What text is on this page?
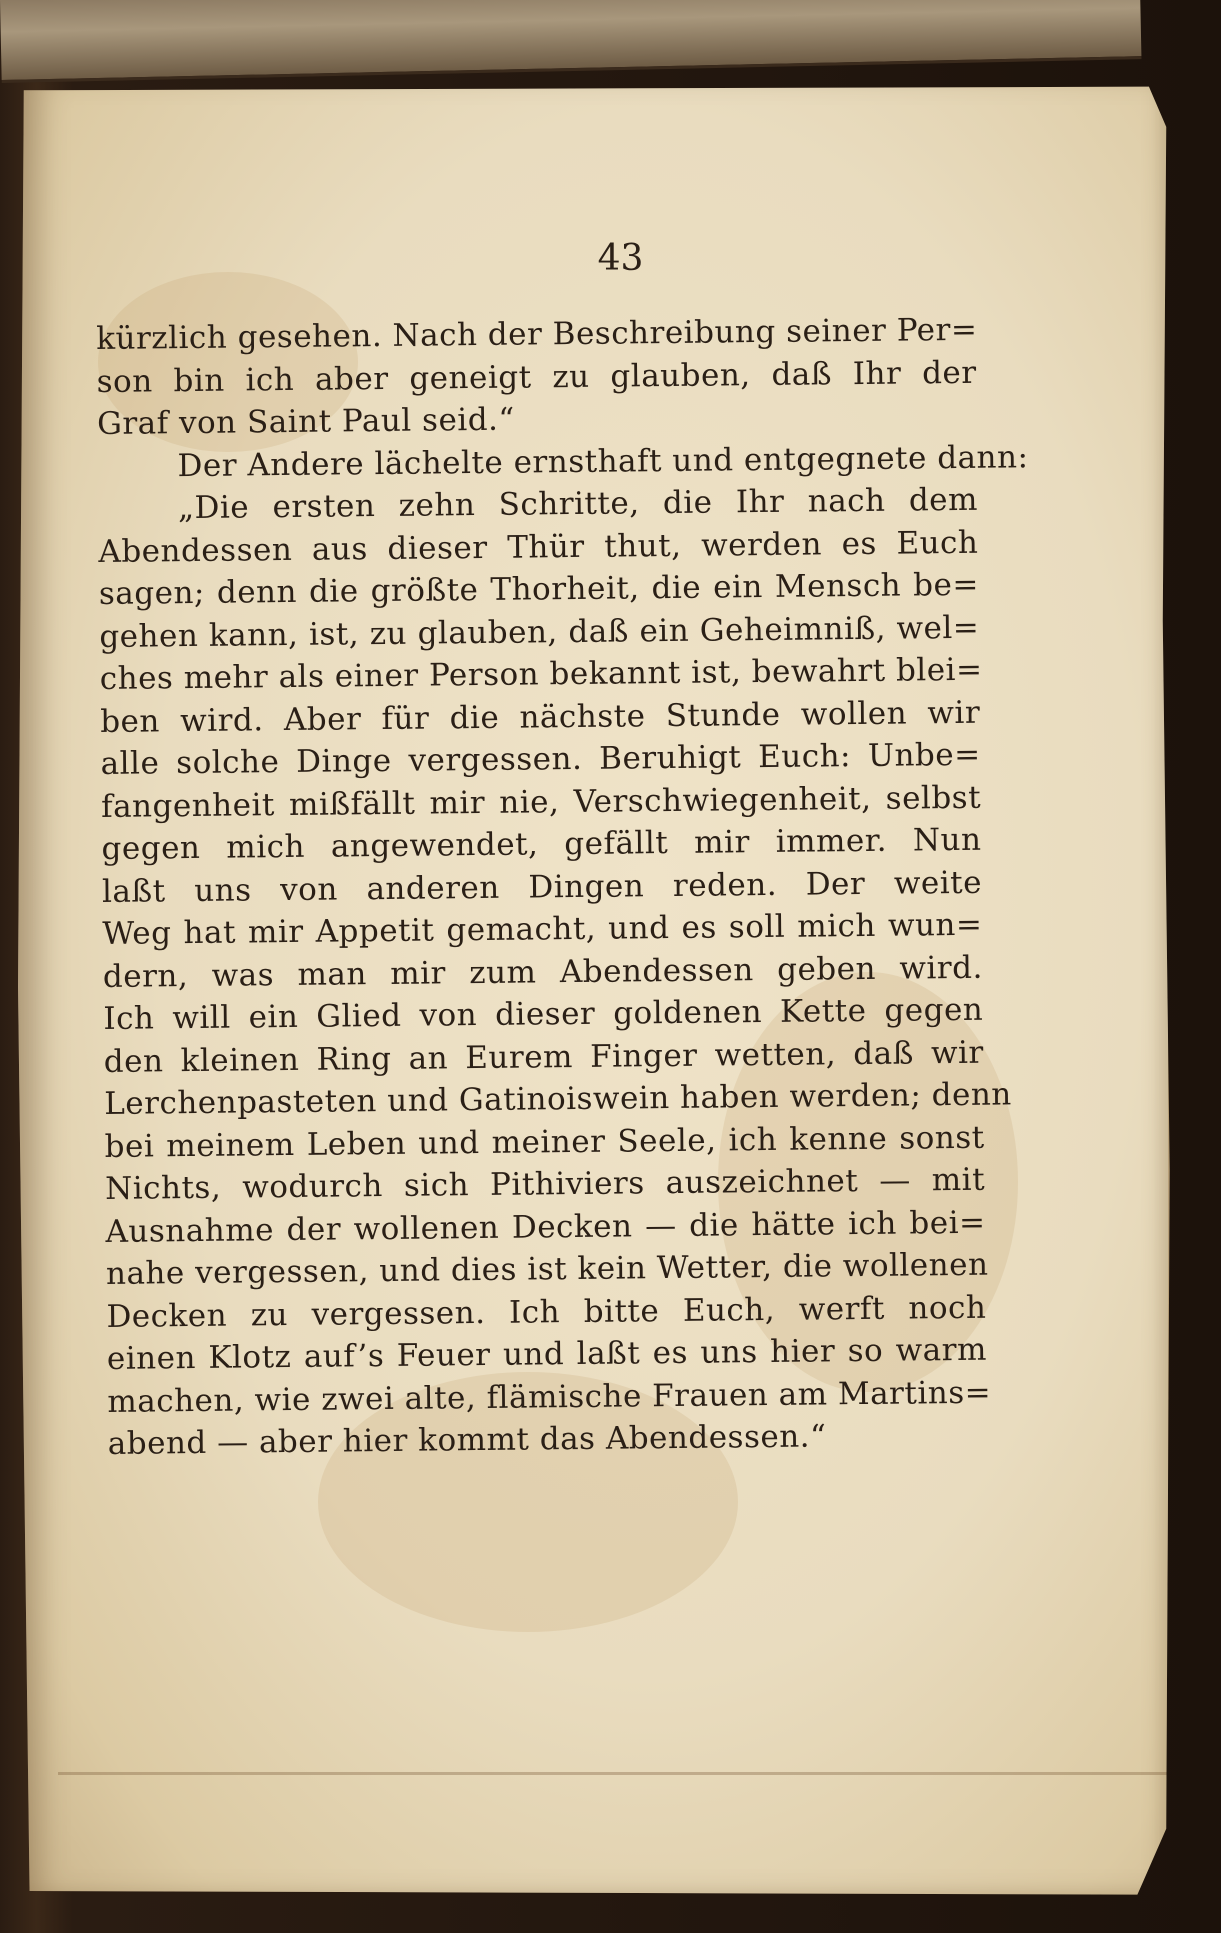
43
kürzlich gesehen. Nach der Beschreibung seiner Per=
son bin ich aber geneigt zu glauben, daß Ihr der
Graf von Saint Paul seid.“
Der Andere lächelte ernsthaft und entgegnete dann:
„Die ersten zehn Schritte, die Ihr nach dem
Abendessen aus dieser Thür thut, werden es Euch
sagen; denn die größte Thorheit, die ein Mensch be=
gehen kann, ist, zu glauben, daß ein Geheimniß, wel=
ches mehr als einer Person bekannt ist, bewahrt blei=
ben wird. Aber für die nächste Stunde wollen wir
alle solche Dinge vergessen. Beruhigt Euch: Unbe=
fangenheit mißfällt mir nie, Verschwiegenheit, selbst
gegen mich angewendet, gefällt mir immer. Nun
laßt uns von anderen Dingen reden. Der weite
Weg hat mir Appetit gemacht, und es soll mich wun=
dern, was man mir zum Abendessen geben wird.
Ich will ein Glied von dieser goldenen Kette gegen
den kleinen Ring an Eurem Finger wetten, daß wir
Lerchenpasteten und Gatinoiswein haben werden; denn
bei meinem Leben und meiner Seele, ich kenne sonst
Nichts, wodurch sich Pithiviers auszeichnet — mit
Ausnahme der wollenen Decken — die hätte ich bei=
nahe vergessen, und dies ist kein Wetter, die wollenen
Decken zu vergessen. Ich bitte Euch, werft noch
einen Klotz auf’s Feuer und laßt es uns hier so warm
machen, wie zwei alte, flämische Frauen am Martins=
abend — aber hier kommt das Abendessen.“
